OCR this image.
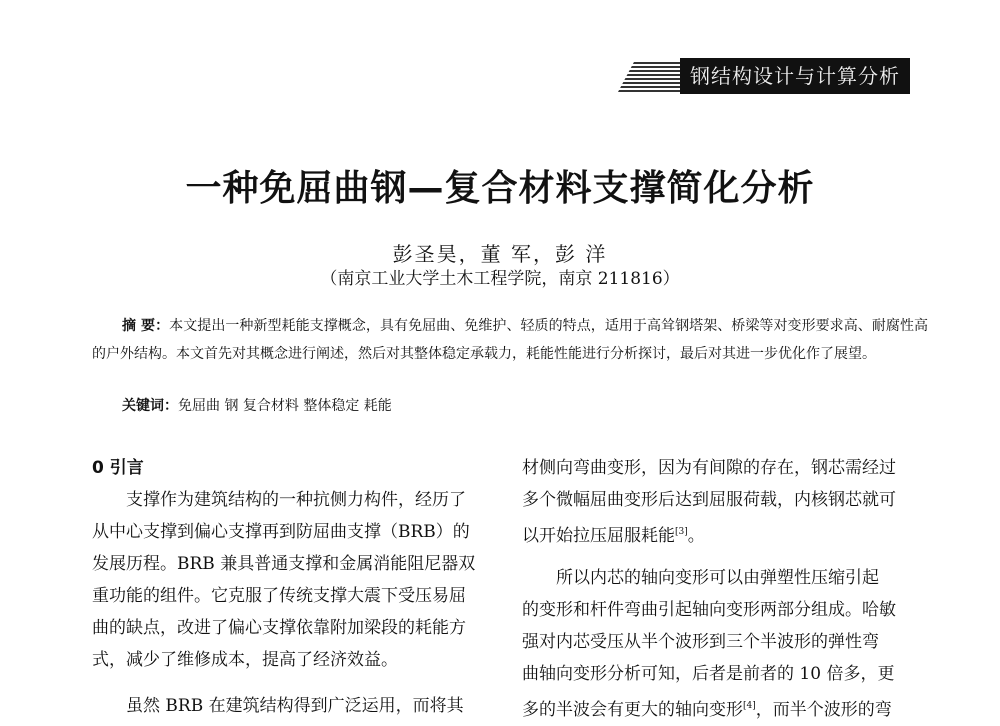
钢结构设计与计算分析
一种免屈曲钢—复合材料支撑简化分析
彭圣昊，董 军，彭 洋
（南京工业大学土木工程学院，南京 211816）
摘 要：本文提出一种新型耗能支撑概念，具有免屈曲、免维护、轻质的特点，适用于高耸钢塔架、桥梁等对变形要求高、耐腐性高的户外结构。本文首先对其概念进行阐述，然后对其整体稳定承载力，耗能性能进行分析探讨，最后对其进一步优化作了展望。
关键词：免屈曲 钢 复合材料 整体稳定 耗能
0 引言
支撑作为建筑结构的一种抗侧力构件，经历了
从中心支撑到偏心支撑再到防屈曲支撑（BRB）的
发展历程。BRB 兼具普通支撑和金属消能阻尼器双
重功能的组件。它克服了传统支撑大震下受压易屈
曲的缺点，改进了偏心支撑依靠附加梁段的耗能方
式，减少了维修成本，提高了经济效益。
虽然 BRB 在建筑结构得到广泛运用，而将其
材侧向弯曲变形，因为有间隙的存在，钢芯需经过
多个微幅屈曲变形后达到屈服荷载，内核钢芯就可
以开始拉压屈服耗能[3]。
所以内芯的轴向变形可以由弹塑性压缩引起
的变形和杆件弯曲引起轴向变形两部分组成。哈敏
强对内芯受压从半个波形到三个半波形的弹性弯
曲轴向变形分析可知，后者是前者的 10 倍多，更
多的半波会有更大的轴向变形[4]，而半个波形的弯
